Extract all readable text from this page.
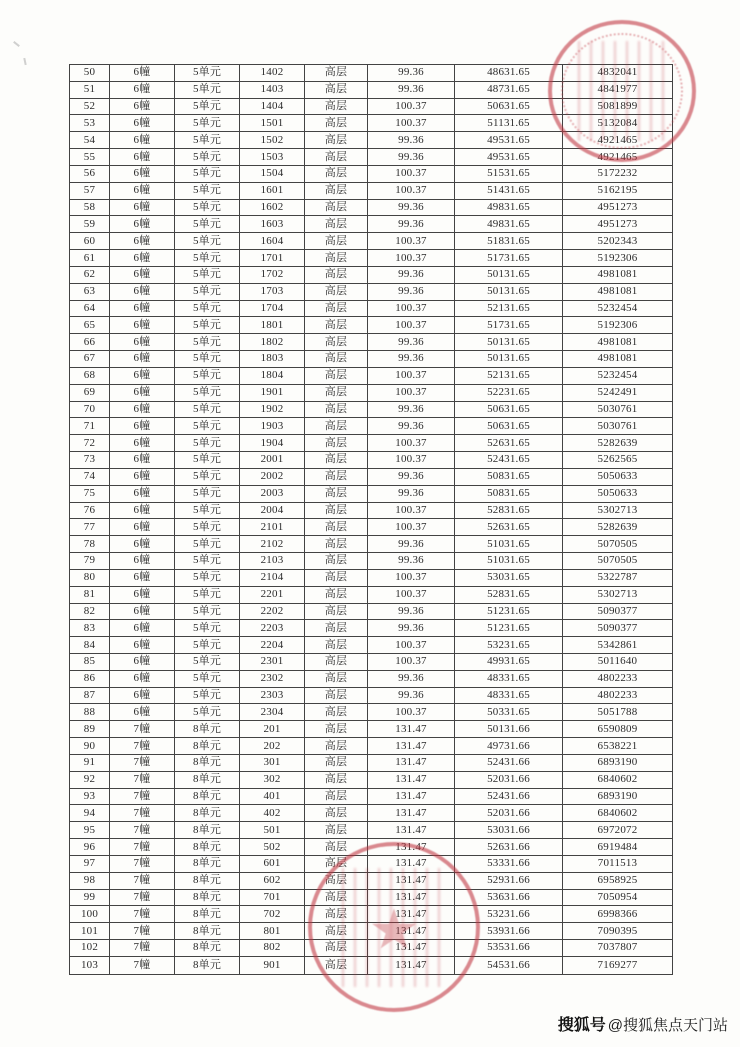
50	6幢	5单元	1402	高层	99.36	48631.65	4832041
51	6幢	5单元	1403	高层	99.36	48731.65	4841977
52	6幢	5单元	1404	高层	100.37	50631.65	5081899
53	6幢	5单元	1501	高层	100.37	51131.65	5132084
54	6幢	5单元	1502	高层	99.36	49531.65	4921465
55	6幢	5单元	1503	高层	99.36	49531.65	4921465
56	6幢	5单元	1504	高层	100.37	51531.65	5172232
57	6幢	5单元	1601	高层	100.37	51431.65	5162195
58	6幢	5单元	1602	高层	99.36	49831.65	4951273
59	6幢	5单元	1603	高层	99.36	49831.65	4951273
60	6幢	5单元	1604	高层	100.37	51831.65	5202343
61	6幢	5单元	1701	高层	100.37	51731.65	5192306
62	6幢	5单元	1702	高层	99.36	50131.65	4981081
63	6幢	5单元	1703	高层	99.36	50131.65	4981081
64	6幢	5单元	1704	高层	100.37	52131.65	5232454
65	6幢	5单元	1801	高层	100.37	51731.65	5192306
66	6幢	5单元	1802	高层	99.36	50131.65	4981081
67	6幢	5单元	1803	高层	99.36	50131.65	4981081
68	6幢	5单元	1804	高层	100.37	52131.65	5232454
69	6幢	5单元	1901	高层	100.37	52231.65	5242491
70	6幢	5单元	1902	高层	99.36	50631.65	5030761
71	6幢	5单元	1903	高层	99.36	50631.65	5030761
72	6幢	5单元	1904	高层	100.37	52631.65	5282639
73	6幢	5单元	2001	高层	100.37	52431.65	5262565
74	6幢	5单元	2002	高层	99.36	50831.65	5050633
75	6幢	5单元	2003	高层	99.36	50831.65	5050633
76	6幢	5单元	2004	高层	100.37	52831.65	5302713
77	6幢	5单元	2101	高层	100.37	52631.65	5282639
78	6幢	5单元	2102	高层	99.36	51031.65	5070505
79	6幢	5单元	2103	高层	99.36	51031.65	5070505
80	6幢	5单元	2104	高层	100.37	53031.65	5322787
81	6幢	5单元	2201	高层	100.37	52831.65	5302713
82	6幢	5单元	2202	高层	99.36	51231.65	5090377
83	6幢	5单元	2203	高层	99.36	51231.65	5090377
84	6幢	5单元	2204	高层	100.37	53231.65	5342861
85	6幢	5单元	2301	高层	100.37	49931.65	5011640
86	6幢	5单元	2302	高层	99.36	48331.65	4802233
87	6幢	5单元	2303	高层	99.36	48331.65	4802233
88	6幢	5单元	2304	高层	100.37	50331.65	5051788
89	7幢	8单元	201	高层	131.47	50131.66	6590809
90	7幢	8单元	202	高层	131.47	49731.66	6538221
91	7幢	8单元	301	高层	131.47	52431.66	6893190
92	7幢	8单元	302	高层	131.47	52031.66	6840602
93	7幢	8单元	401	高层	131.47	52431.66	6893190
94	7幢	8单元	402	高层	131.47	52031.66	6840602
95	7幢	8单元	501	高层	131.47	53031.66	6972072
96	7幢	8单元	502	高层	131.47	52631.66	6919484
97	7幢	8单元	601	高层	131.47	53331.66	7011513
98	7幢	8单元	602	高层	131.47	52931.66	6958925
99	7幢	8单元	701	高层	131.47	53631.66	7050954
100	7幢	8单元	702	高层	131.47	53231.66	6998366
101	7幢	8单元	801	高层	131.47	53931.66	7090395
102	7幢	8单元	802	高层	131.47	53531.66	7037807
103	7幢	8单元	901	高层	131.47	54531.66	7169277
搜狐号 @搜狐焦点天门站
